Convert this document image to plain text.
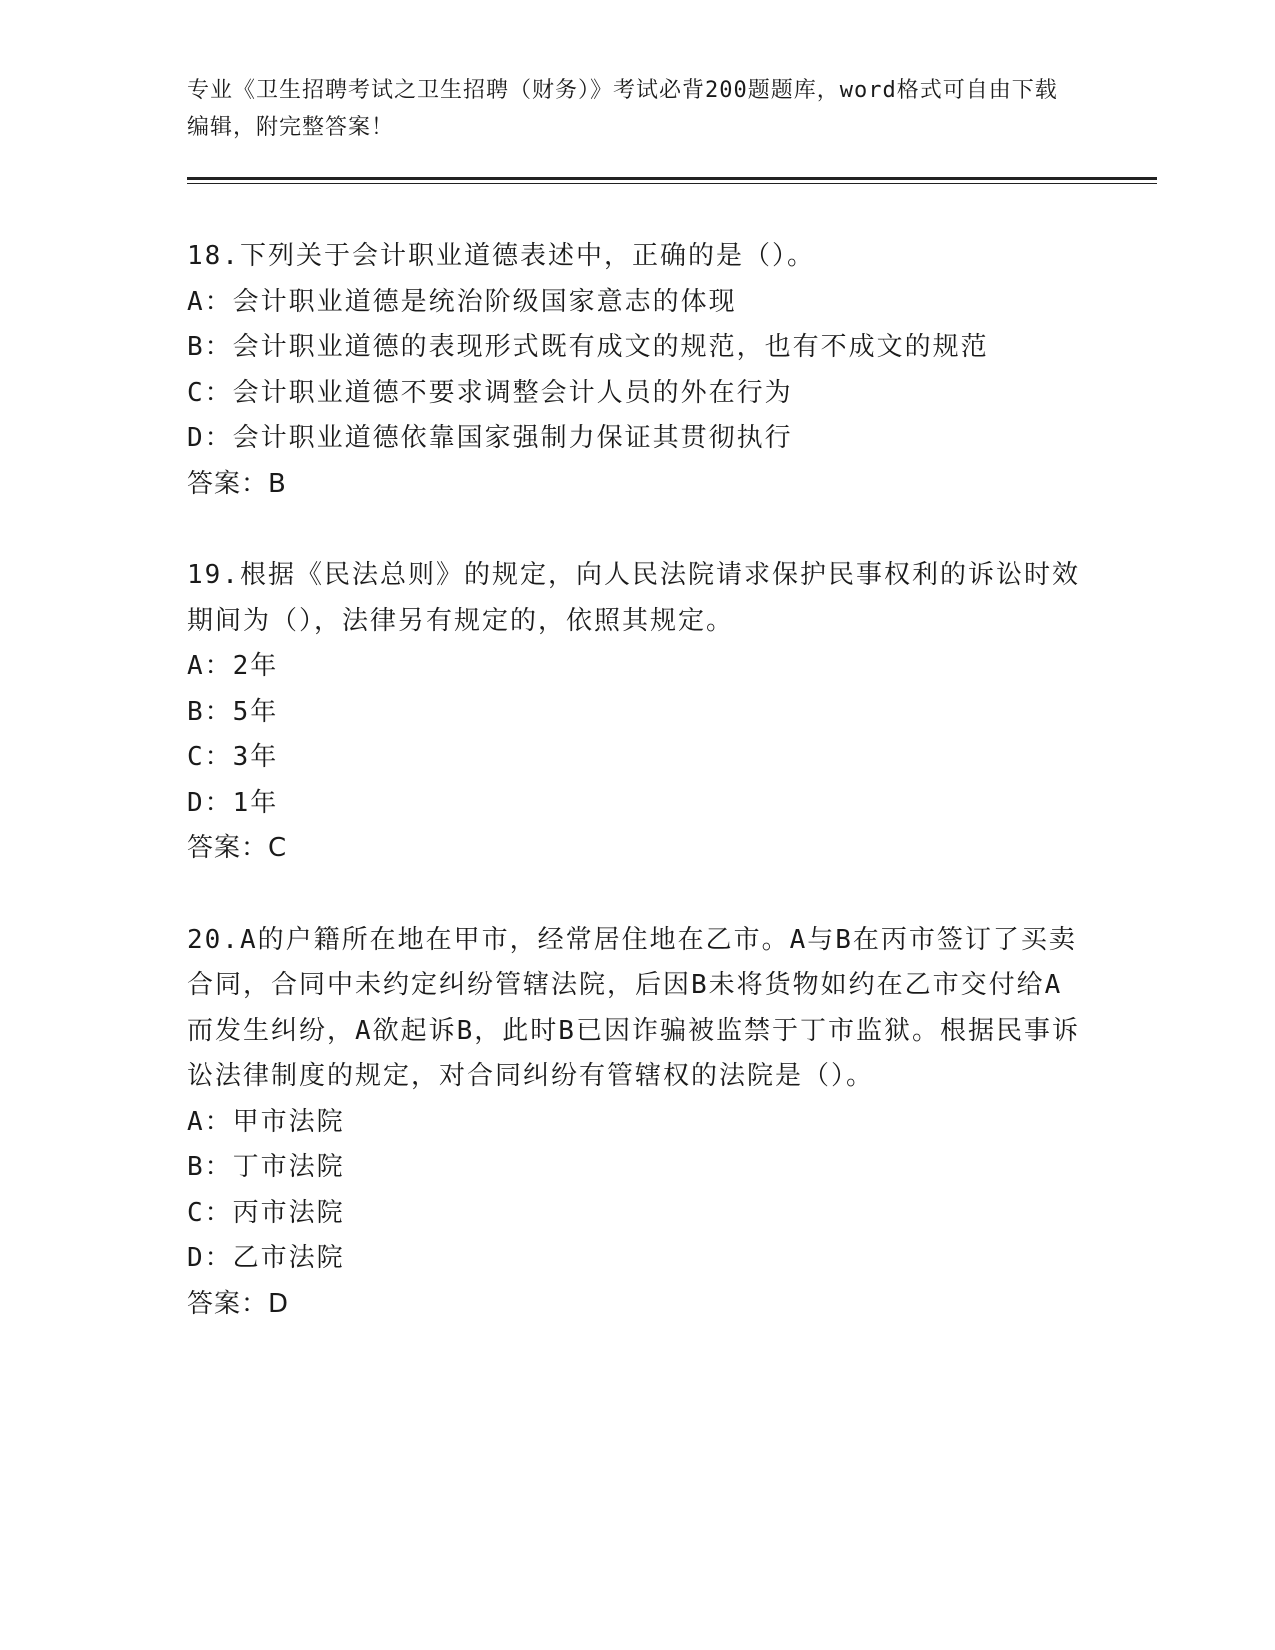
专业《卫生招聘考试之卫生招聘（财务）》考试必背200题题库，word格式可自由下载编辑，附完整答案！
18.下列关于会计职业道德表述中，正确的是（）。
A：会计职业道德是统治阶级国家意志的体现
B：会计职业道德的表现形式既有成文的规范，也有不成文的规范
C：会计职业道德不要求调整会计人员的外在行为
D：会计职业道德依靠国家强制力保证其贯彻执行
答案：B
19.根据《民法总则》的规定，向人民法院请求保护民事权利的诉讼时效期间为（），法律另有规定的，依照其规定。
A：2年
B：5年
C：3年
D：1年
答案：C
20.A的户籍所在地在甲市，经常居住地在乙市。A与B在丙市签订了买卖合同，合同中未约定纠纷管辖法院，后因B未将货物如约在乙市交付给A而发生纠纷，A欲起诉B，此时B已因诈骗被监禁于丁市监狱。根据民事诉讼法律制度的规定，对合同纠纷有管辖权的法院是（）。
A：甲市法院
B：丁市法院
C：丙市法院
D：乙市法院
答案：D
